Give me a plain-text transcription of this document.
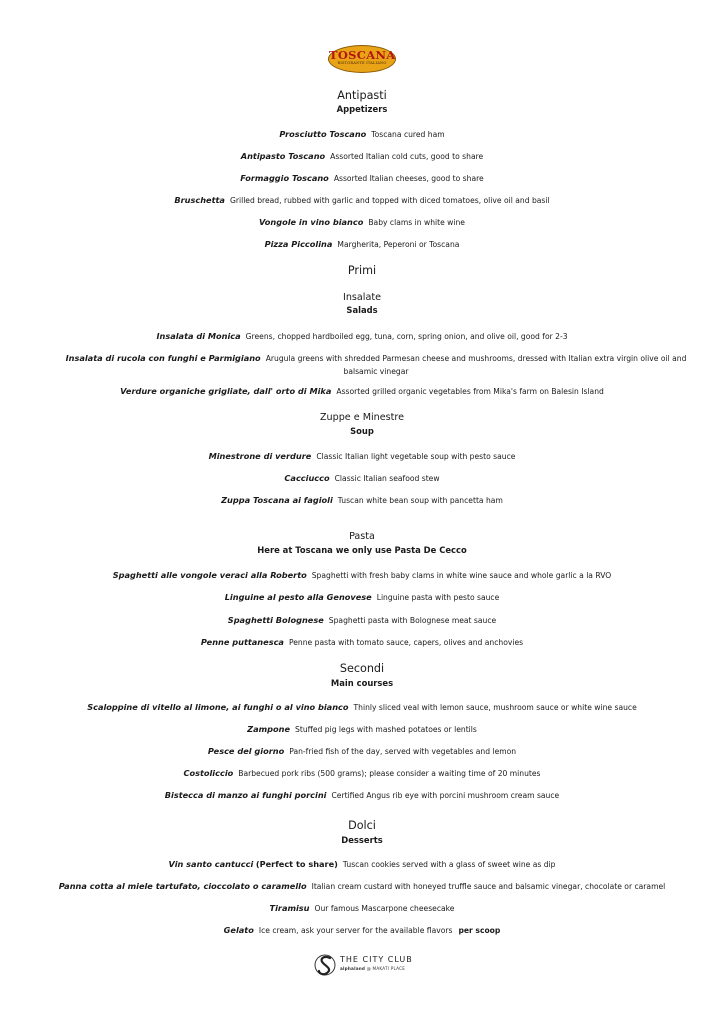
TOSCANA
RISTORANTE ITALIANO
Antipasti
Appetizers
Prosciutto Toscano Toscana cured ham
Antipasto Toscano Assorted Italian cold cuts, good to share
Formaggio Toscano Assorted Italian cheeses, good to share
Bruschetta Grilled bread, rubbed with garlic and topped with diced tomatoes, olive oil and basil
Vongole in vino bianco Baby clams in white wine
Pizza Piccolina Margherita, Peperoni or Toscana
Primi
Insalate
Salads
Insalata di Monica Greens, chopped hardboiled egg, tuna, corn, spring onion, and olive oil, good for 2-3
Insalata di rucola con funghi e Parmigiano Arugula greens with shredded Parmesan cheese and mushrooms, dressed with Italian extra virgin olive oil and balsamic vinegar
Verdure organiche grigliate, dall' orto di Mika Assorted grilled organic vegetables from Mika's farm on Balesin Island
Zuppe e Minestre
Soup
Minestrone di verdure Classic Italian light vegetable soup with pesto sauce
Cacciucco Classic Italian seafood stew
Zuppa Toscana ai fagioli Tuscan white bean soup with pancetta ham
Pasta
Here at Toscana we only use Pasta De Cecco
Spaghetti alle vongole veraci alla Roberto Spaghetti with fresh baby clams in white wine sauce and whole garlic a la RVO
Linguine al pesto alla Genovese Linguine pasta with pesto sauce
Spaghetti Bolognese Spaghetti pasta with Bolognese meat sauce
Penne puttanesca Penne pasta with tomato sauce, capers, olives and anchovies
Secondi
Main courses
Scaloppine di vitello al limone, ai funghi o al vino bianco Thinly sliced veal with lemon sauce, mushroom sauce or white wine sauce
Zampone Stuffed pig legs with mashed potatoes or lentils
Pesce del giorno Pan-fried fish of the day, served with vegetables and lemon
Costoliccio Barbecued pork ribs (500 grams); please consider a waiting time of 20 minutes
Bistecca di manzo ai funghi porcini Certified Angus rib eye with porcini mushroom cream sauce
Dolci
Desserts
Vin santo cantucci (Perfect to share) Tuscan cookies served with a glass of sweet wine as dip
Panna cotta al miele tartufato, cioccolato o caramello Italian cream custard with honeyed truffle sauce and balsamic vinegar, chocolate or caramel
Tiramisu Our famous Mascarpone cheesecake
Gelato Ice cream, ask your server for the available flavors per scoop
THE CITY CLUB
alphaland @ MAKATI PLACE
